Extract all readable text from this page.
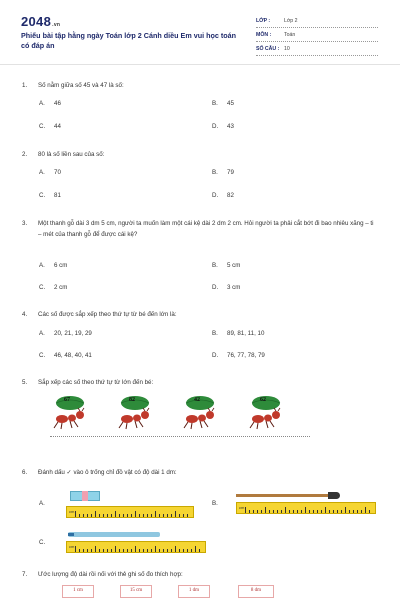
2048.vn
Phiếu bài tập hằng ngày Toán lớp 2 Cánh diều Em vui học toán có đáp án
LỚP :	Lớp 2
MÔN : Toán
SỐ CÂU : 10
1. Số nằm giữa số 45 và 47 là số:
A. 46	B. 45
C. 44	D. 43
2. 80 là số liền sau của số:
A. 70	B. 79
C. 81	D. 82
3. Một thanh gỗ dài 3 dm 5 cm, người ta muốn làm một cái kệ dài 2 dm 2 cm. Hỏi người ta phải cắt bớt đi bao nhiêu xăng – ti – mét của thanh gỗ để được cái kệ?
A. 6 cm	B. 5 cm
C. 2 cm	D. 3 cm
4. Các số được sắp xếp theo thứ tự từ bé đến lớn là:
A. 20, 21, 19, 29	B. 89, 81, 11, 10
C. 46, 48, 40, 41	D. 76, 77, 78, 79
5. Sắp xếp các số theo thứ tự từ lớn đến bé:
67	82	42	62
6. Đánh dấu ✓ vào ô trống chỉ đồ vật có độ dài 1 dm:
A.
cm
B.
cm
C.
cm
7. Ước lượng độ dài rồi nối với thẻ ghi số đo thích hợp:
1 cm	15 cm	1 dm	8 dm
